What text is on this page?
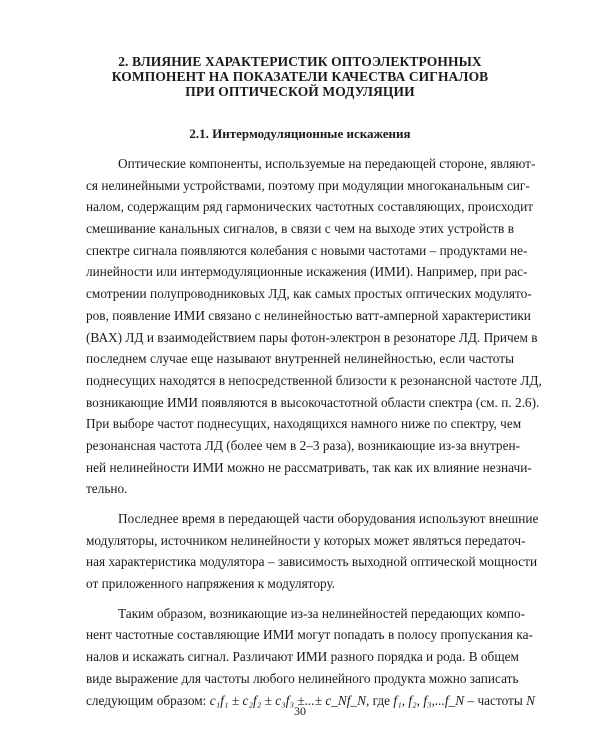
2. ВЛИЯНИЕ ХАРАКТЕРИСТИК ОПТОЭЛЕКТРОННЫХ
КОМПОНЕНТ НА ПОКАЗАТЕЛИ КАЧЕСТВА СИГНАЛОВ
ПРИ ОПТИЧЕСКОЙ МОДУЛЯЦИИ
2.1. Интермодуляционные искажения
Оптические компоненты, используемые на передающей стороне, являют-
ся нелинейными устройствами, поэтому при модуляции многоканальным сиг-
налом, содержащим ряд гармонических частотных составляющих, происходит
смешивание канальных сигналов, в связи с чем на выходе этих устройств в
спектре сигнала появляются колебания с новыми частотами – продуктами не-
линейности или интермодуляционные искажения (ИМИ). Например, при рас-
смотрении полупроводниковых ЛД, как самых простых оптических модулято-
ров, появление ИМИ связано с нелинейностью ватт-амперной характеристики
(ВАХ) ЛД и взаимодействием пары фотон-электрон в резонаторе ЛД. Причем в
последнем случае еще называют внутренней нелинейностью, если частоты
поднесущих находятся в непосредственной близости к резонансной частоте ЛД,
возникающие ИМИ появляются в высокочастотной области спектра (см. п. 2.6).
При выборе частот поднесущих, находящихся намного ниже по спектру, чем
резонансная частота ЛД (более чем в 2–3 раза), возникающие из-за внутрен-
ней нелинейности ИМИ можно не рассматривать, так как их влияние незначи-
тельно.
Последнее время в передающей части оборудования используют внешние
модуляторы, источником нелинейности у которых может являться передаточ-
ная характеристика модулятора – зависимость выходной оптической мощности
от приложенного напряжения к модулятору.
Таким образом, возникающие из-за нелинейностей передающих компо-
нент частотные составляющие ИМИ могут попадать в полосу пропускания ка-
налов и искажать сигнал. Различают ИМИ разного порядка и рода. В общем
виде выражение для частоты любого нелинейного продукта можно записать
следующим образом: c₁f₁ ± c₂f₂ ± c₃f₃ ±...± c_Nf_N, где f₁, f₂, f₃,...f_N – частоты N
30
